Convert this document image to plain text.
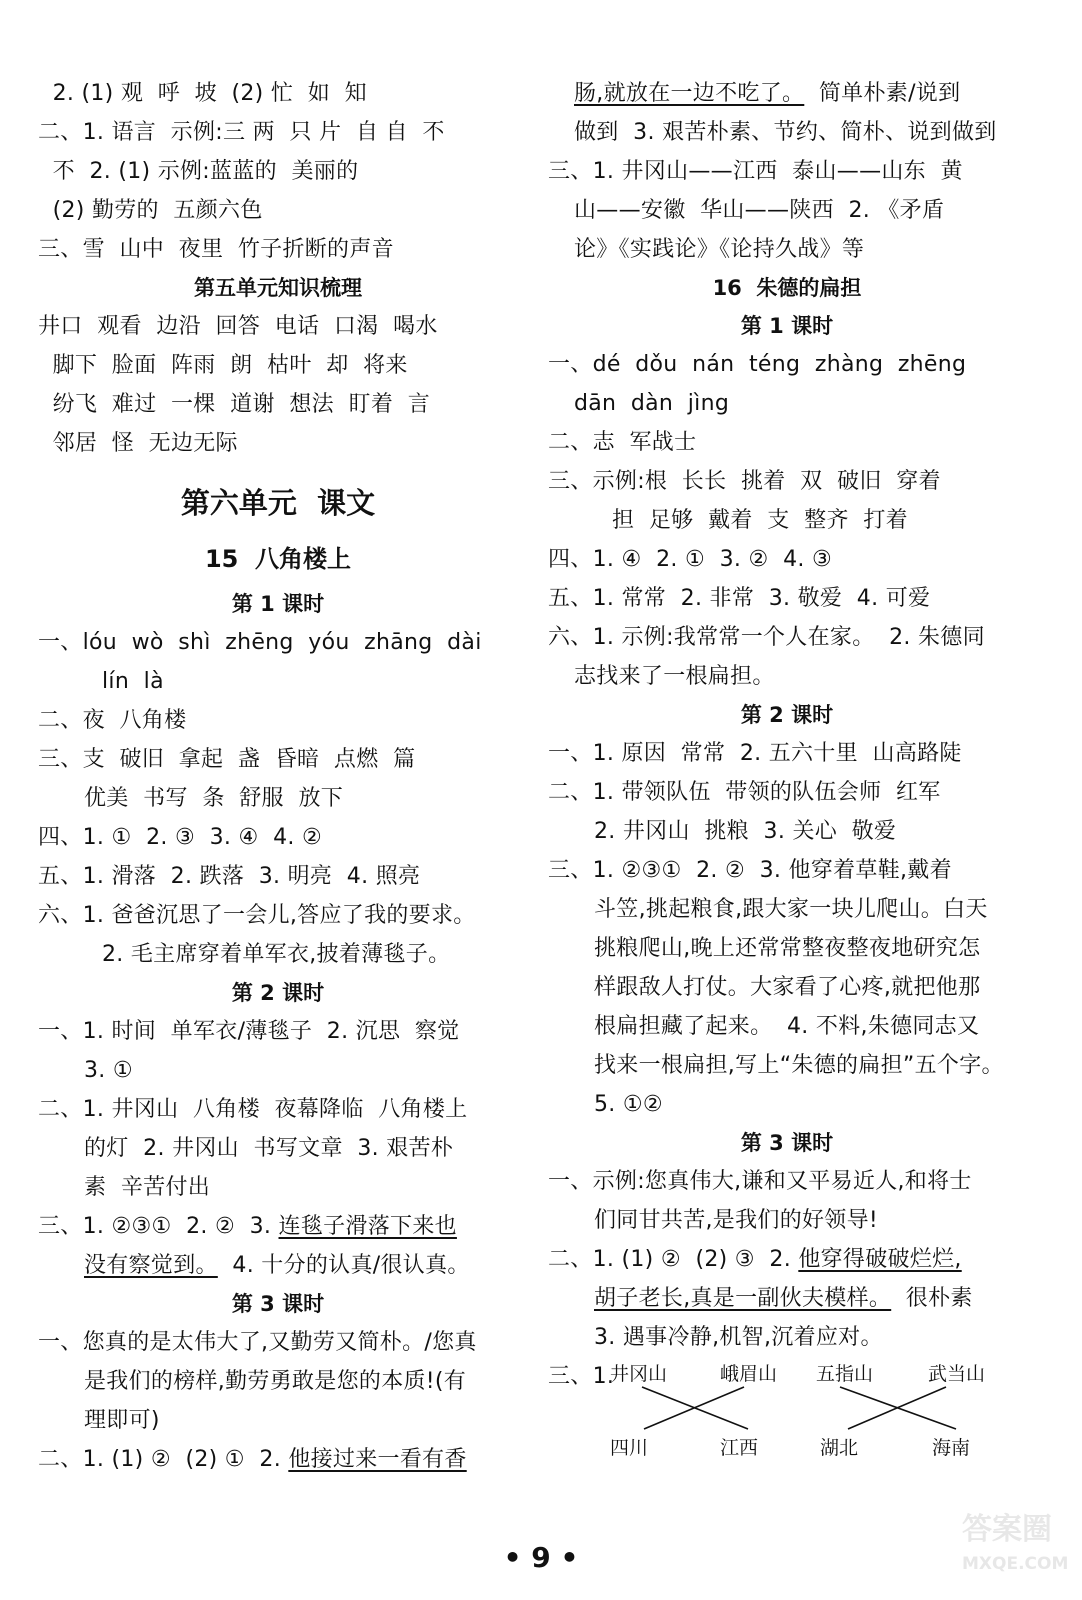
2. (1) 观  呼  坡  (2) 忙  如  知
二、1. 语言  示例:三 两  只 片  自 自  不
不  2. (1) 示例:蓝蓝的  美丽的
(2) 勤劳的  五颜六色
三、雪  山中  夜里  竹子折断的声音
第五单元知识梳理
井口  观看  边沿  回答  电话  口渴  喝水
脚下  脸面  阵雨  朗  枯叶  却  将来
纷飞  难过  一棵  道谢  想法  盯着  言
邻居  怪  无边无际
第六单元  课文
15  八角楼上
第 1 课时
一、lóu  wò  shì  zhēng  yóu  zhāng  dài
lín  là
二、夜  八角楼
三、支  破旧  拿起  盏  昏暗  点燃  篇
优美  书写  条  舒服  放下
四、1. ①  2. ③  3. ④  4. ②
五、1. 滑落  2. 跌落  3. 明亮  4. 照亮
六、1. 爸爸沉思了一会儿,答应了我的要求。
2. 毛主席穿着单军衣,披着薄毯子。
第 2 课时
一、1. 时间  单军衣/薄毯子  2. 沉思  察觉
3. ①
二、1. 井冈山  八角楼  夜幕降临  八角楼上
的灯  2. 井冈山  书写文章  3. 艰苦朴
素  辛苦付出
三、1. ②③①  2. ②  3. 连毯子滑落下来也
没有察觉到。  4. 十分的认真/很认真。
第 3 课时
一、您真的是太伟大了,又勤劳又简朴。/您真
是我们的榜样,勤劳勇敢是您的本质!(有
理即可)
二、1. (1) ②  (2) ①  2. 他接过来一看有香
肠,就放在一边不吃了。  简单朴素/说到
做到  3. 艰苦朴素、节约、简朴、说到做到
三、1. 井冈山——江西  泰山——山东  黄
山——安徽  华山——陕西  2. 《矛盾
论》《实践论》《论持久战》等
16  朱德的扁担
第 1 课时
一、dé  dǒu  nán  téng  zhàng  zhēng
dān  dàn  jìng
二、志  军战士
三、示例:根  长长  挑着  双  破旧  穿着
担  足够  戴着  支  整齐  打着
四、1. ④  2. ①  3. ②  4. ③
五、1. 常常  2. 非常  3. 敬爱  4. 可爱
六、1. 示例:我常常一个人在家。  2. 朱德同
志找来了一根扁担。
第 2 课时
一、1. 原因  常常  2. 五六十里  山高路陡
二、1. 带领队伍  带领的队伍会师  红军
2. 井冈山  挑粮  3. 关心  敬爱
三、1. ②③①  2. ②  3. 他穿着草鞋,戴着
斗笠,挑起粮食,跟大家一块儿爬山。白天
挑粮爬山,晚上还常常整夜整夜地研究怎
样跟敌人打仗。大家看了心疼,就把他那
根扁担藏了起来。  4. 不料,朱德同志又
找来一根扁担,写上“朱德的扁担”五个字。
5. ①②
第 3 课时
一、示例:您真伟大,谦和又平易近人,和将士
们同甘共苦,是我们的好领导!
二、1. (1) ②  (2) ③  2. 他穿得破破烂烂,
胡子老长,真是一副伙夫模样。  很朴素
3. 遇事冷静,机智,沉着应对。
三、1.
井冈山	峨眉山 五指山	武当山
四川	江西	湖北	海南
• 9 •
答案圈
MXQE.COM
